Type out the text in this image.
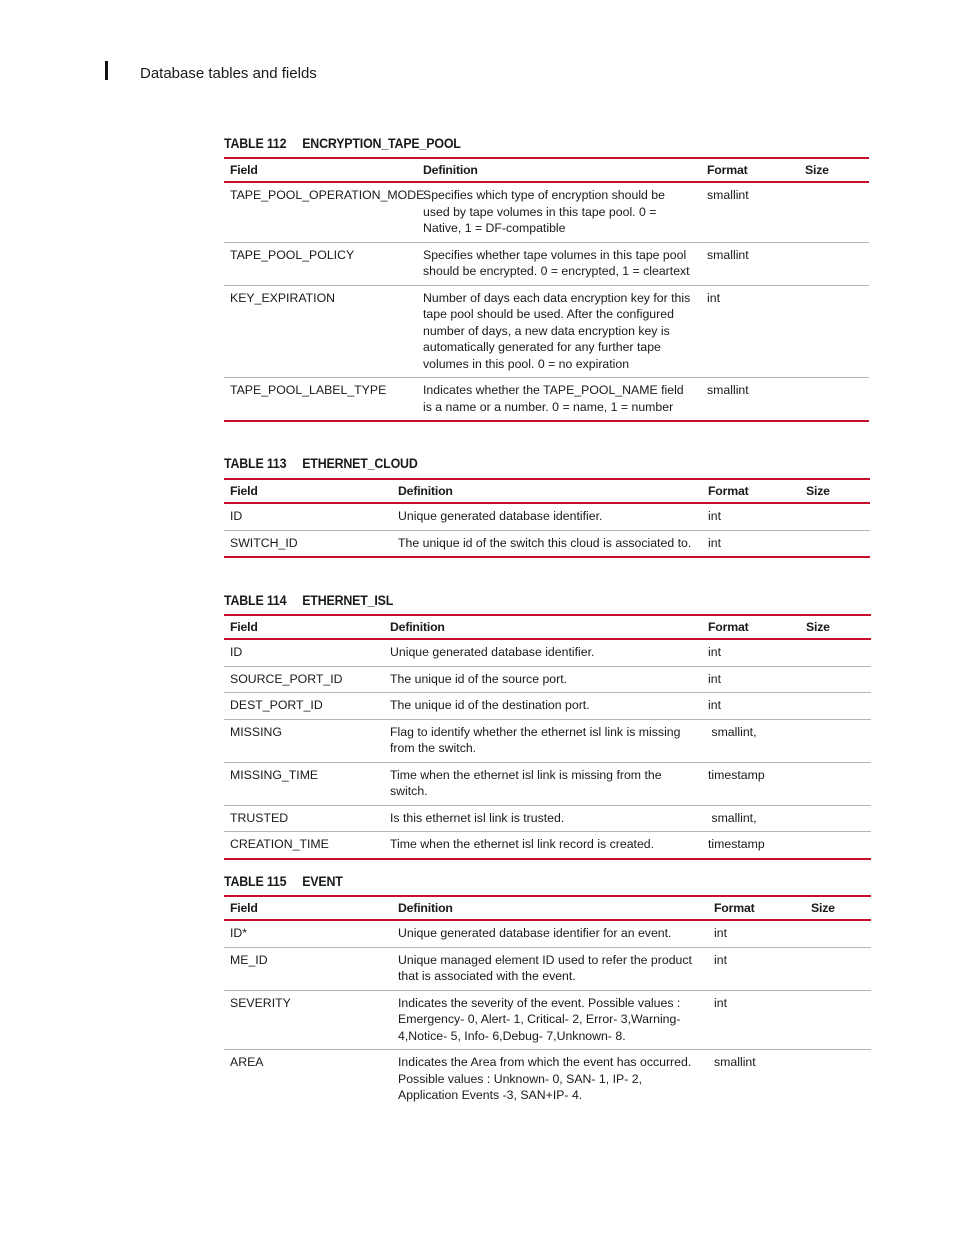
Database tables and fields
TABLE 112 ENCRYPTION_TAPE_POOL
Field	Definition	Format	Size
TAPE_POOL_OPERATION_MODE	Specifies which type of encryption should be used by tape volumes in this tape pool. 0 = Native, 1 = DF-compatible	smallint	
TAPE_POOL_POLICY	Specifies whether tape volumes in this tape pool should be encrypted. 0 = encrypted, 1 = cleartext	smallint	
KEY_EXPIRATION	Number of days each data encryption key for this tape pool should be used. After the configured number of days, a new data encryption key is automatically generated for any further tape volumes in this pool. 0 = no expiration	int	
TAPE_POOL_LABEL_TYPE	Indicates whether the TAPE_POOL_NAME field is a name or a number. 0 = name, 1 = number	smallint	
TABLE 113 ETHERNET_CLOUD
Field	Definition	Format	Size
ID	Unique generated database identifier.	int	
SWITCH_ID	The unique id of the switch this cloud is associated to.	int	
TABLE 114 ETHERNET_ISL
Field	Definition	Format	Size
ID	Unique generated database identifier.	int	
SOURCE_PORT_ID	The unique id of the source port.	int	
DEST_PORT_ID	The unique id of the destination port.	int	
MISSING	Flag to identify whether the ethernet isl link is missing from the switch.	smallint,	
MISSING_TIME	Time when the ethernet isl link is missing from the switch.	timestamp	
TRUSTED	Is this ethernet isl link is trusted.	smallint,	
CREATION_TIME	Time when the ethernet isl link record is created.	timestamp	
TABLE 115 EVENT
Field	Definition	Format	Size
ID*	Unique generated database identifier for an event.	int	
ME_ID	Unique managed element ID used to refer the product that is associated with the event.	int	
SEVERITY	Indicates the severity of the event. Possible values : Emergency- 0, Alert- 1, Critical- 2, Error- 3,Warning- 4,Notice- 5, Info- 6,Debug- 7,Unknown- 8.	int	
AREA	Indicates the Area from which the event has occurred. Possible values : Unknown- 0, SAN- 1, IP- 2, Application Events -3, SAN+IP- 4.	smallint	
